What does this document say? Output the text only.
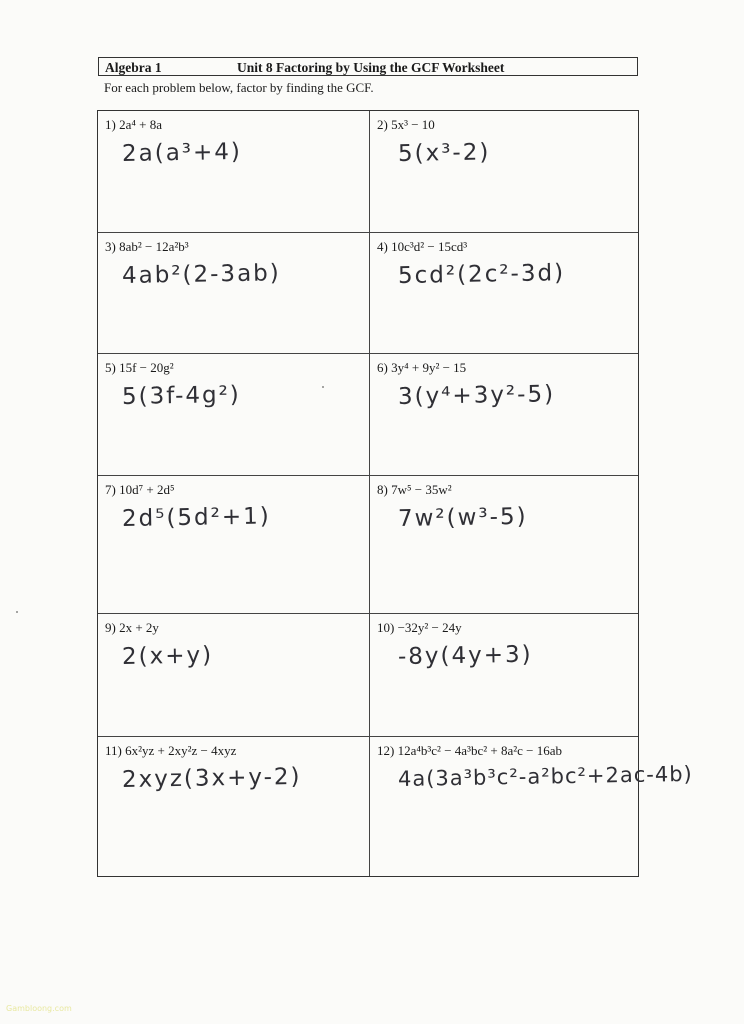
Algebra 1	Unit 8 Factoring by Using the GCF Worksheet
For each problem below, factor by finding the GCF.
1) 2a⁴ + 8a
2a(a³+4)
2) 5x³ − 10
5(x³-2)
3) 8ab² − 12a²b³
4ab²(2-3ab)
4) 10c³d² − 15cd³
5cd²(2c²-3d)
5) 15f − 20g²
5(3f-4g²)
6) 3y⁴ + 9y² − 15
3(y⁴+3y²-5)
7) 10d⁷ + 2d⁵
2d⁵(5d²+1)
8) 7w⁵ − 35w²
7w²(w³-5)
9) 2x + 2y
2(x+y)
10) −32y² − 24y
-8y(4y+3)
11) 6x²yz + 2xy²z − 4xyz
2xyz(3x+y-2)
12) 12a⁴b³c² − 4a³bc² + 8a²c − 16ab
4a(3a³b³c²-a²bc²+2ac-4b)
Gambloong.com
